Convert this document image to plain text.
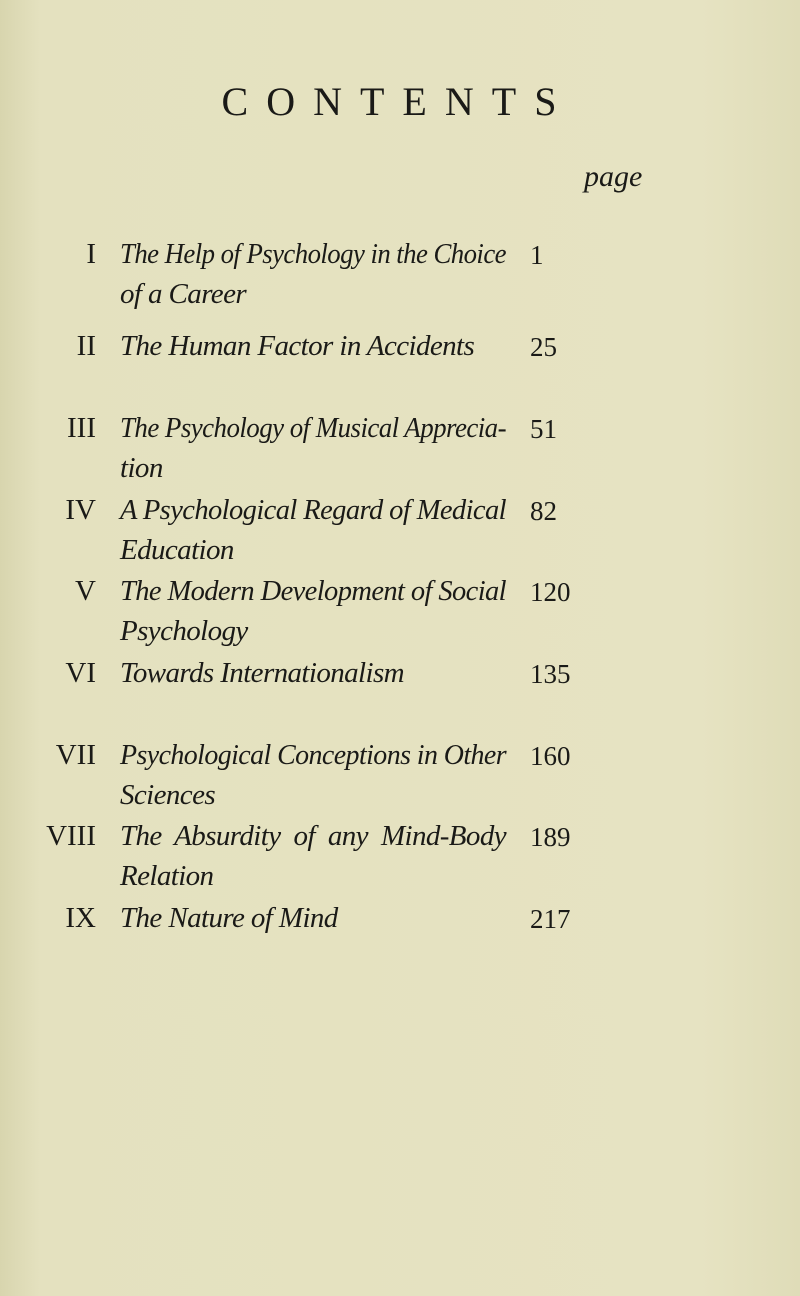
CONTENTS
page
I The Help of Psychology in the Choice
of a Career
1
II The Human Factor in Accidents 25
III The Psychology of Musical Apprecia-
tion
51
IV A Psychological Regard of Medical
Education
82
V The Modern Development of Social
Psychology
120
VI Towards Internationalism	135
VII Psychological Conceptions in Other
Sciences
160
VIII The Absurdity of any Mind-Body
Relation
189
IX The Nature of Mind	217
